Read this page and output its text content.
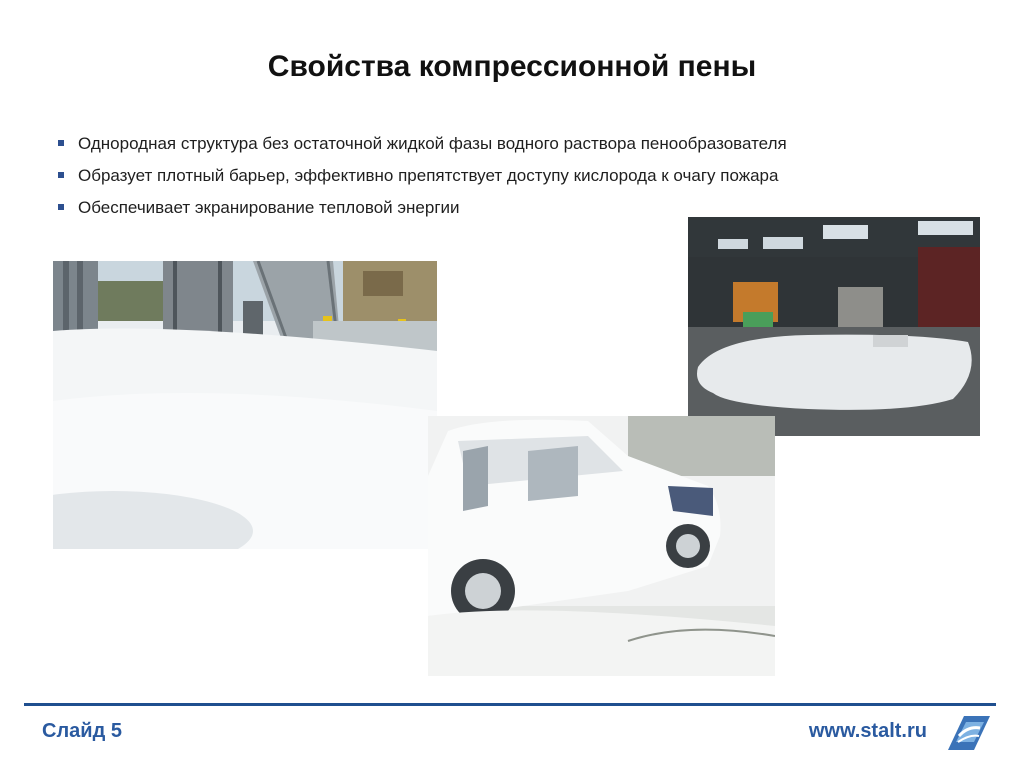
Свойства компрессионной пены
Однородная структура без остаточной жидкой фазы водного раствора пенообразователя
Образует плотный барьер, эффективно препятствует доступу кислорода к очагу пожара
Обеспечивает экранирование тепловой энергии
Слайд 5	www.stalt.ru
